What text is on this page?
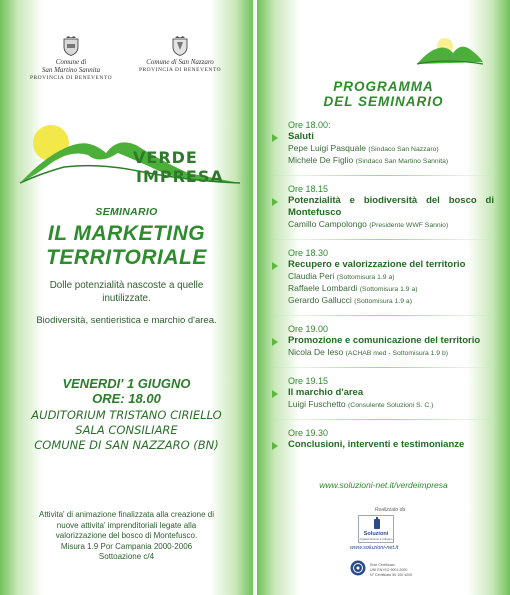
Comune di
San Martino Sannita
PROVINCIA DI BENEVENTO
Comune di San Nazzaro
PROVINCIA DI BENEVENTO
VERDE
IMPRESA
SEMINARIO
IL MARKETING
TERRITORIALE
Dolle potenzialità nascoste a quelle
inutilizzate.
Biodiversità, sentieristica e marchio d'area.
VENERDI' 1 GIUGNO
ORE: 18.00
AUDITORIUM TRISTANO CIRIELLO
SALA CONSILIARE
COMUNE DI SAN NAZZARO (BN)
Attivita' di animazione finalizzata alla creazione di
nuove attivita' imprenditoriali legate alla
valorizzazione del bosco di Montefusco.
Misura 1.9 Por Campania 2000-2006
Sottoazione c/4
PROGRAMMA
DEL SEMINARIO
Ore 18.00:
Saluti
Pepe Luigi Pasquale (Sindaco San Nazzaro)
Michele De Figlio (Sindaco San Martino Sannita)
Ore 18.15
Potenzialità e biodiversità del bosco di Montefusco
Camillo Campolongo (Presidente WWF Sannio)
Ore 18.30
Recupero e valorizzazione del territorio
Claudia Peri (Sottomisura 1.9 a)
Raffaele Lombardi (Sottomisura 1.9 a)
Gerardo Gallucci (Sottomisura 1.9 a)
Ore 19.00
Promozione e comunicazione del territorio
Nicola De Ieso (ACHAB med - Sottomisura 1.9 b)
Ore 19.15
Il marchio d'area
Luigi Fuschetto (Consulente Soluzioni S. C.)
Ore 19.30
Conclusioni, interventi e testimonianze
www.soluzioni-net.it/verdeimpresa
Realizzato da
Soluzioni
Organizzazione e sviluppo
www.soluzioni-net.it
Ente Certificato
UNI EN ISO 9001:2000
N° Certificato 50 100 4200
